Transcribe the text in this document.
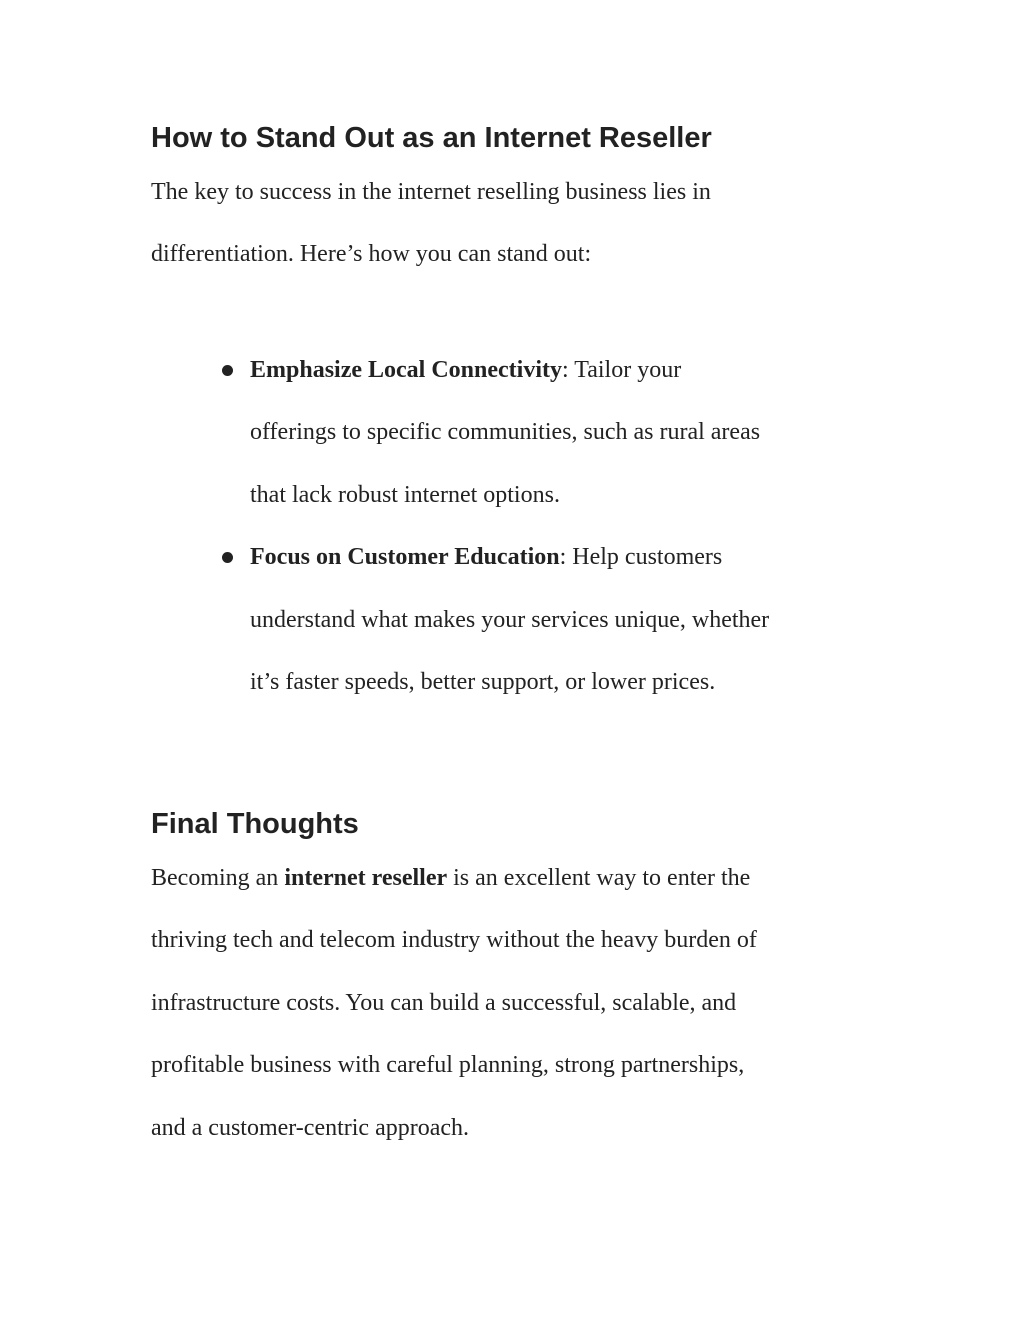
How to Stand Out as an Internet Reseller

The key to success in the internet reselling business lies in
differentiation. Here’s how you can stand out:

Emphasize Local Connectivity: Tailor your
offerings to specific communities, such as rural areas
that lack robust internet options.
Focus on Customer Education: Help customers
understand what makes your services unique, whether
it’s faster speeds, better support, or lower prices.
Final Thoughts

Becoming an internet reseller is an excellent way to enter the
thriving tech and telecom industry without the heavy burden of
infrastructure costs. You can build a successful, scalable, and
profitable business with careful planning, strong partnerships,
and a customer-centric approach.
